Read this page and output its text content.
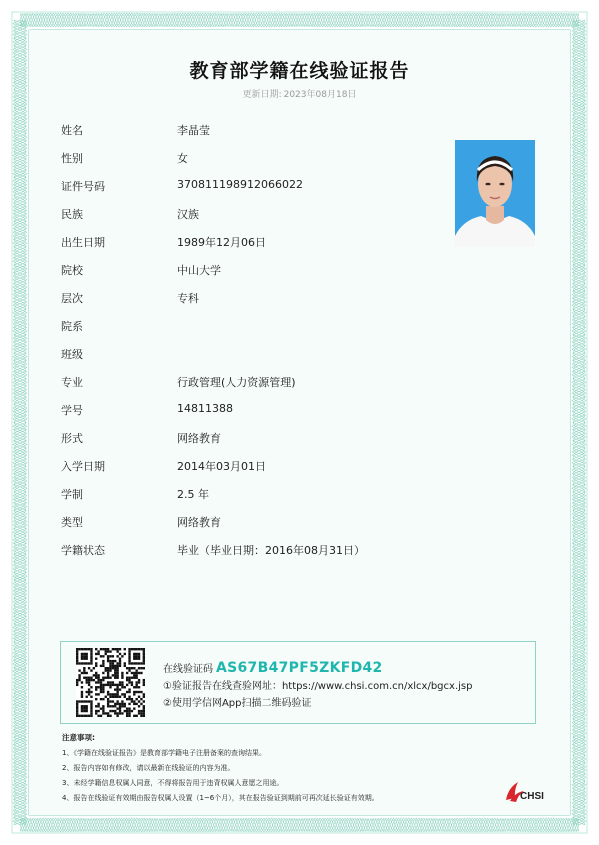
教育部学籍在线验证报告
更新日期: 2023年08月18日
姓名	李晶莹
性别	女
证件号码	370811198912066022
民族	汉族
出生日期	1989年12月06日
院校	中山大学
层次	专科
院系
班级
专业	行政管理(人力资源管理)
学号	14811388
形式	网络教育
入学日期	2014年03月01日
学制	2.5 年
类型	网络教育
学籍状态	毕业（毕业日期：2016年08月31日）
在线验证码 AS67B47PF5ZKFD42
①验证报告在线查验网址：https://www.chsi.com.cn/xlcx/bgcx.jsp
②使用学信网App扫描二维码验证
注意事项:
1、《学籍在线验证报告》是教育部学籍电子注册备案的查询结果。
2、报告内容如有修改，请以最新在线验证的内容为准。
3、未经学籍信息权属人同意，不得将报告用于违背权属人意愿之用途。
4、报告在线验证有效期由报告权属人设置（1~6个月），其在报告验证到期前可再次延长验证有效期。	CHSI
